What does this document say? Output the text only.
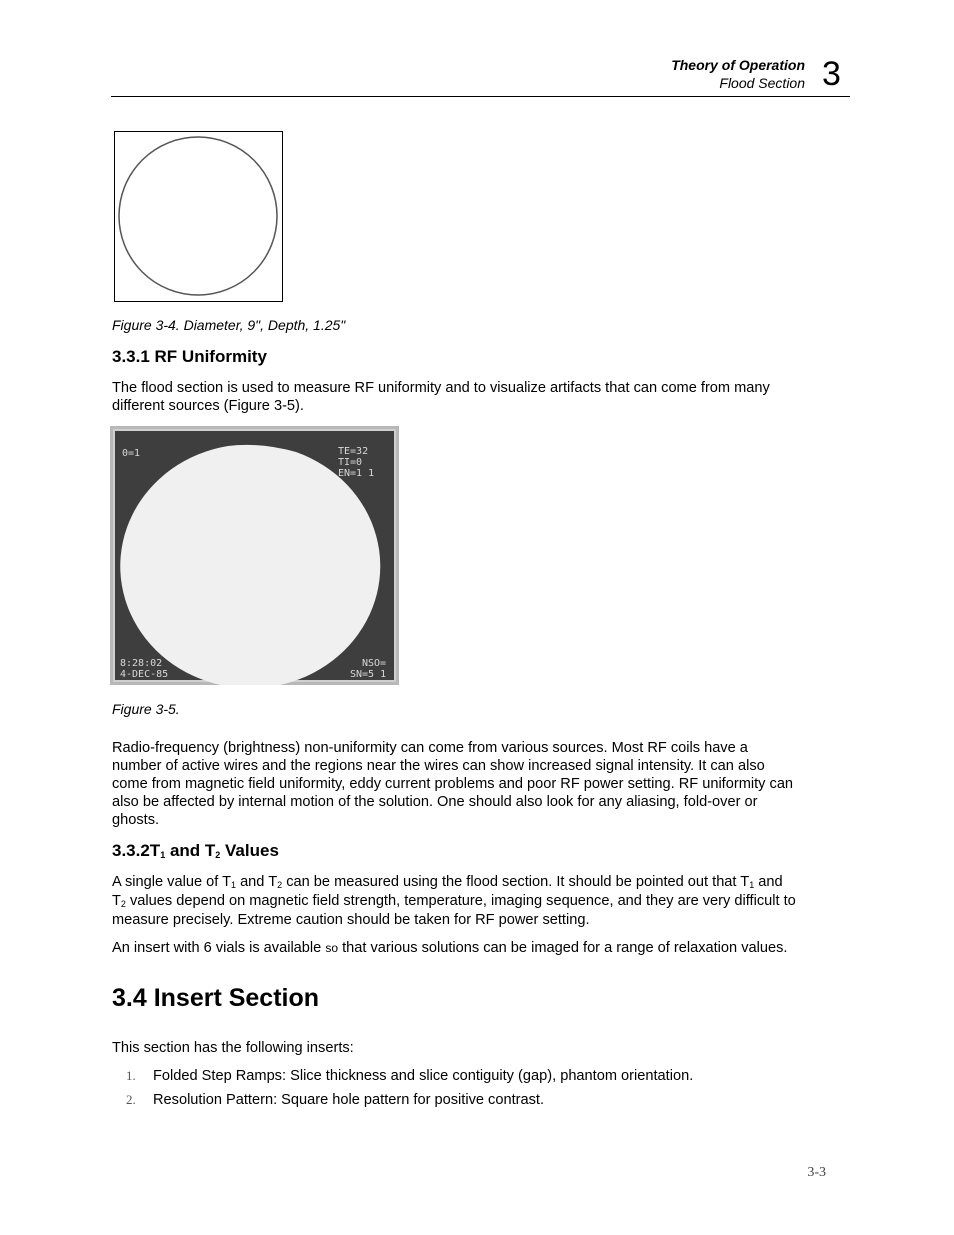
Theory of Operation
Flood Section 3
Figure 3-4. Diameter, 9", Depth, 1.25"
3.3.1 RF Uniformity
The flood section is used to measure RF uniformity and to visualize artifacts that can come from many
different sources (Figure 3-5).
0=1	TE=32
TI=0
EN=1 1
8:28:02
4-DEC-85
NSO=
SN=5 1
Figure 3-5.
Radio-frequency (brightness) non-uniformity can come from various sources. Most RF coils have a
number of active wires and the regions near the wires can show increased signal intensity. It can also
come from magnetic field uniformity, eddy current problems and poor RF power setting. RF uniformity can
also be affected by internal motion of the solution. One should also look for any aliasing, fold-over or
ghosts.
$3.3.2T_1$ and $T_2$ Values
A single value of $T_1$ and $T_2$ can be measured using the flood section. It should be pointed out that $T_1$ and
$T_2$ values depend on magnetic field strength, temperature, imaging sequence, and they are very difficult to
measure precisely. Extreme caution should be taken for RF power setting.
An insert with 6 vials is available so that various solutions can be imaged for a range of relaxation values.
3.4 Insert Section
This section has the following inserts:
1. Folded Step Ramps: Slice thickness and slice contiguity (gap), phantom orientation.
2. Resolution Pattern: Square hole pattern for positive contrast.
3-3
